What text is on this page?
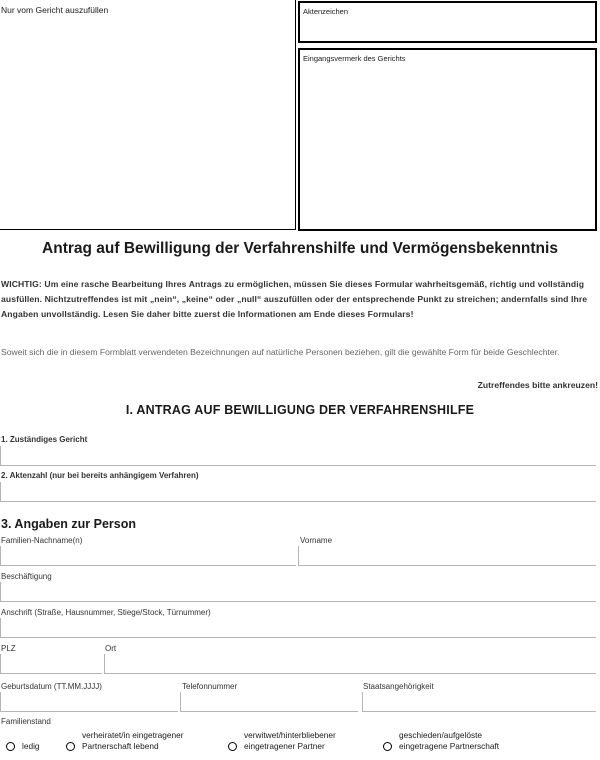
Nur vom Gericht auszufüllen	Aktenzeichen
Eingangsvermerk des Gerichts
Antrag auf Bewilligung der Verfahrenshilfe und Vermögensbekenntnis
WICHTIG: Um eine rasche Bearbeitung Ihres Antrags zu ermöglichen, müssen Sie dieses Formular wahrheitsgemäß, richtig und vollständig ausfüllen. Nichtzutreffendes ist mit „nein“, „keine“ oder „null“ auszufüllen oder der entsprechende Punkt zu streichen; andernfalls sind Ihre Angaben unvollständig. Lesen Sie daher bitte zuerst die Informationen am Ende dieses Formulars!
Soweit sich die in diesem Formblatt verwendeten Bezeichnungen auf natürliche Personen beziehen, gilt die gewählte Form für beide Geschlechter.
Zutreffendes bitte ankreuzen!
I. ANTRAG AUF BEWILLIGUNG DER VERFAHRENSHILFE
1. Zuständiges Gericht
2. Aktenzahl (nur bei bereits anhängigem Verfahren)
3. Angaben zur Person
Familien-Nachname(n)	Vorname
Beschäftigung
Anschrift (Straße, Hausnummer, Stiege/Stock, Türnummer)
PLZ	Ort
Geburtsdatum (TT.MM.JJJJ)	Telefonnummer	Staatsangehörigkeit
Familienstand
ledig
verheiratet/in eingetragener
Partnerschaft lebend
verwitwet/hinterbliebener
eingetragener Partner
geschieden/aufgelöste
eingetragene Partnerschaft
